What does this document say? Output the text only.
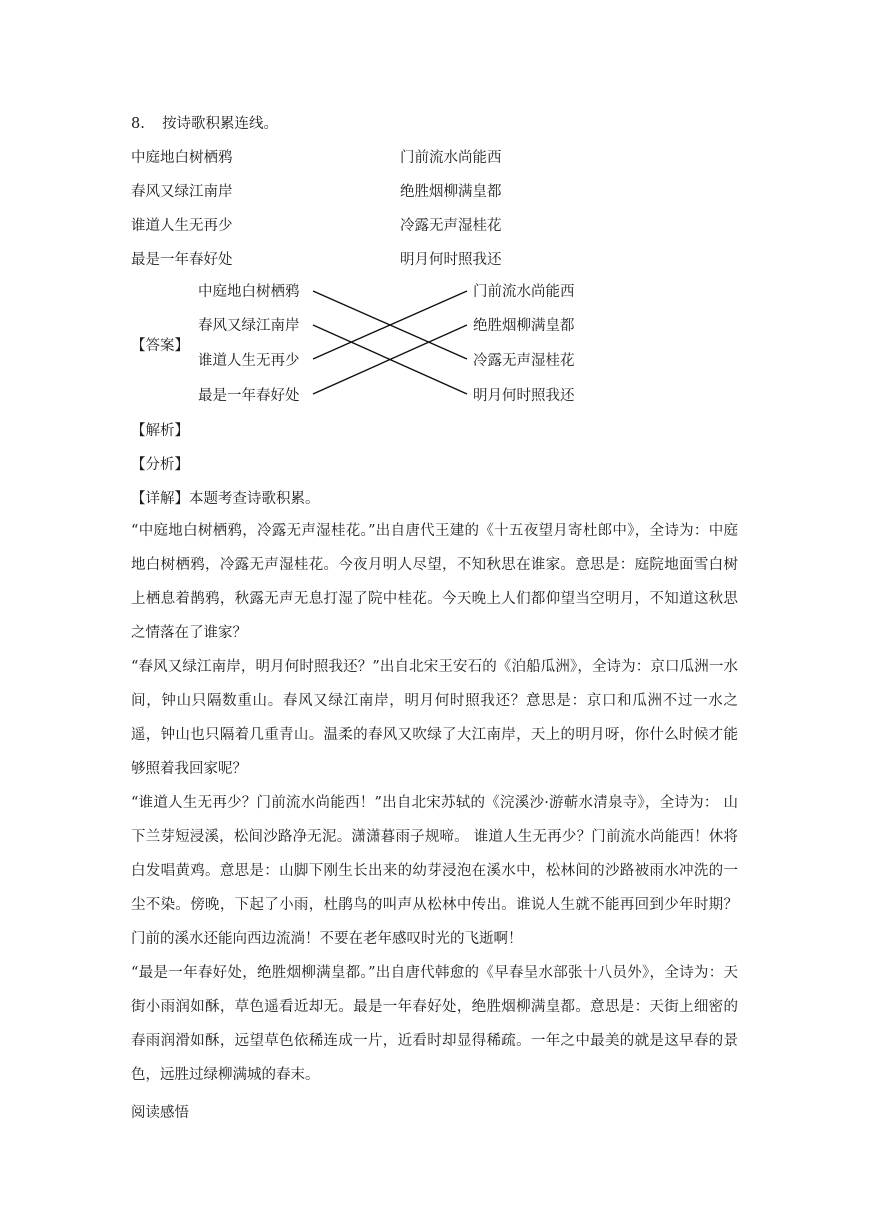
8. 按诗歌积累连线。
中庭地白树栖鸦	门前流水尚能西
春风又绿江南岸	绝胜烟柳满皇都
谁道人生无再少	冷露无声湿桂花
最是一年春好处	明月何时照我还
【答案】
中庭地白树栖鸦
春风又绿江南岸
谁道人生无再少
最是一年春好处
门前流水尚能西
绝胜烟柳满皇都
冷露无声湿桂花
明月何时照我还
【解析】
【分析】
【详解】本题考查诗歌积累。
“中庭地白树栖鸦，冷露无声湿桂花。”出自唐代王建的《十五夜望月寄杜郎中》，全诗为：中庭地白树栖鸦，冷露无声湿桂花。今夜月明人尽望，不知秋思在谁家。意思是：庭院地面雪白树上栖息着鹊鸦，秋露无声无息打湿了院中桂花。今天晚上人们都仰望当空明月，不知道这秋思之情落在了谁家？
“春风又绿江南岸，明月何时照我还？”出自北宋王安石的《泊船瓜洲》，全诗为：京口瓜洲一水间，钟山只隔数重山。春风又绿江南岸，明月何时照我还？意思是：京口和瓜洲不过一水之遥，钟山也只隔着几重青山。温柔的春风又吹绿了大江南岸，天上的明月呀，你什么时候才能够照着我回家呢？
“谁道人生无再少？门前流水尚能西！”出自北宋苏轼的《浣溪沙·游蕲水清泉寺》，全诗为： 山下兰芽短浸溪，松间沙路净无泥。潇潇暮雨子规啼。 谁道人生无再少？门前流水尚能西！休将白发唱黄鸡。意思是：山脚下刚生长出来的幼芽浸泡在溪水中，松林间的沙路被雨水冲洗的一尘不染。傍晚，下起了小雨，杜鹃鸟的叫声从松林中传出。谁说人生就不能再回到少年时期？门前的溪水还能向西边流淌！不要在老年感叹时光的飞逝啊！
“最是一年春好处，绝胜烟柳满皇都。”出自唐代韩愈的《早春呈水部张十八员外》，全诗为：天街小雨润如酥，草色遥看近却无。最是一年春好处，绝胜烟柳满皇都。意思是：天街上细密的春雨润滑如酥，远望草色依稀连成一片，近看时却显得稀疏。一年之中最美的就是这早春的景色，远胜过绿柳满城的春末。
阅读感悟
